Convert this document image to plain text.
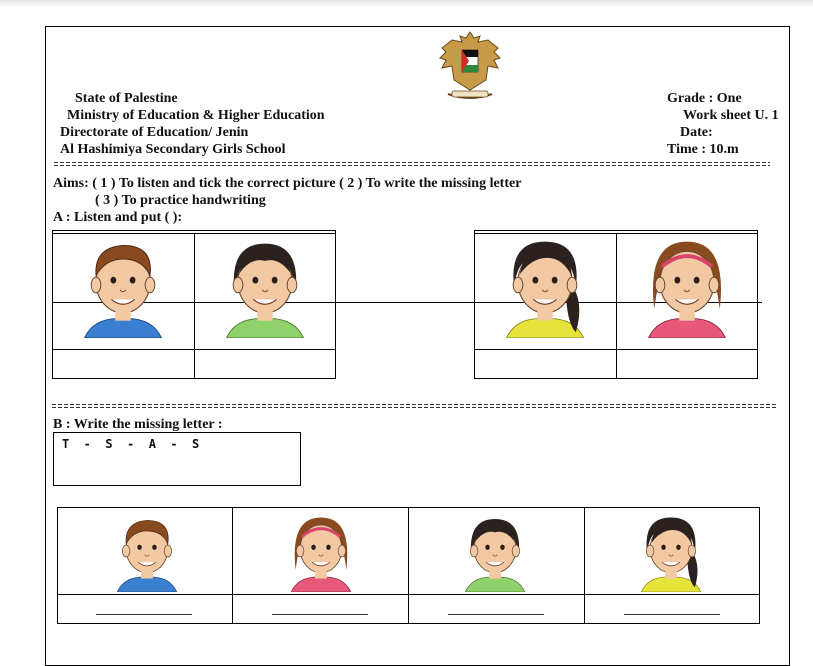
State of Palestine
Ministry of Education & Higher Education
Directorate of Education/ Jenin
Al Hashimiya Secondary Girls School
Grade : One
Work sheet U. 1
Date:
Time : 10.m
Aims: ( 1 ) To listen and tick the correct picture ( 2 ) To write the missing letter
( 3 ) To practice handwriting
A : Listen and put ( ):
B : Write the missing letter :
T  -  S  -  A  -  S
